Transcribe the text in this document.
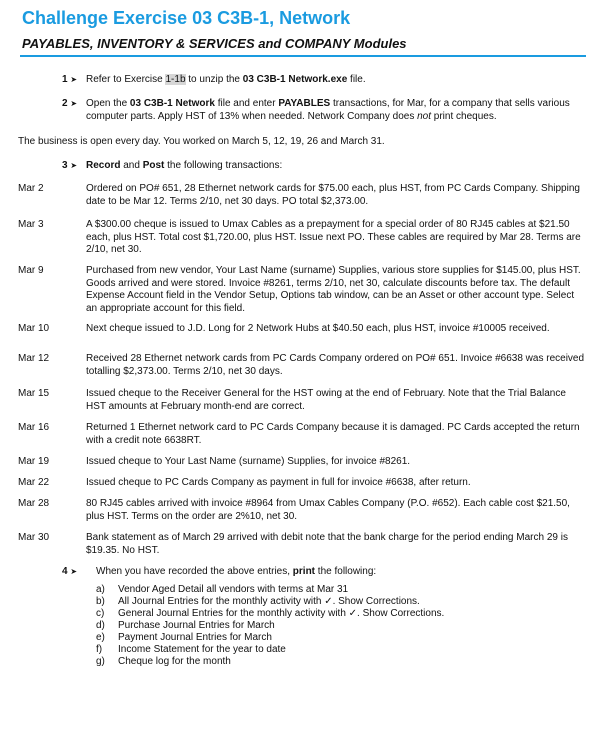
Challenge Exercise 03 C3B-1, Network
PAYABLES, INVENTORY & SERVICES and COMPANY Modules
1 ➤ Refer to Exercise 1-1b to unzip the 03 C3B-1 Network.exe file.
2 ➤ Open the 03 C3B-1 Network file and enter PAYABLES transactions, for Mar, for a company that sells various computer parts. Apply HST of 13% when needed. Network Company does not print cheques.
The business is open every day. You worked on March 5, 12, 19, 26 and March 31.
3 ➤ Record and Post the following transactions:
Mar 2	Ordered on PO# 651, 28 Ethernet network cards for $75.00 each, plus HST, from PC Cards Company. Shipping date to be Mar 12. Terms 2/10, net 30 days. PO total $2,373.00.
Mar 3	A $300.00 cheque is issued to Umax Cables as a prepayment for a special order of 80 RJ45 cables at $21.50 each, plus HST. Total cost $1,720.00, plus HST. Issue next PO. These cables are required by Mar 28. Terms are 2/10, net 30.
Mar 9	Purchased from new vendor, Your Last Name (surname) Supplies, various store supplies for $145.00, plus HST. Goods arrived and were stored. Invoice #8261, terms 2/10, net 30, calculate discounts before tax. The default Expense Account field in the Vendor Setup, Options tab window, can be an Asset or other account type. Select an appropriate account for this field.
Mar 10	Next cheque issued to J.D. Long for 2 Network Hubs at $40.50 each, plus HST, invoice #10005 received.
Mar 12	Received 28 Ethernet network cards from PC Cards Company ordered on PO# 651. Invoice #6638 was received totalling $2,373.00. Terms 2/10, net 30 days.
Mar 15	Issued cheque to the Receiver General for the HST owing at the end of February. Note that the Trial Balance HST amounts at February month-end are correct.
Mar 16	Returned 1 Ethernet network card to PC Cards Company because it is damaged. PC Cards accepted the return with a credit note 6638RT.
Mar 19	Issued cheque to Your Last Name (surname) Supplies, for invoice #8261.
Mar 22	Issued cheque to PC Cards Company as payment in full for invoice #6638, after return.
Mar 28	80 RJ45 cables arrived with invoice #8964 from Umax Cables Company (P.O. #652). Each cable cost $21.50, plus HST. Terms on the order are 2%10, net 30.
Mar 30	Bank statement as of March 29 arrived with debit note that the bank charge for the period ending March 29 is $19.35. No HST.
4 ➤	When you have recorded the above entries, print the following:
a) Vendor Aged Detail all vendors with terms at Mar 31
b) All Journal Entries for the monthly activity with ✓. Show Corrections.
c) General Journal Entries for the monthly activity with ✓. Show Corrections.
d) Purchase Journal Entries for March
e) Payment Journal Entries for March
f) Income Statement for the year to date
g) Cheque log for the month
